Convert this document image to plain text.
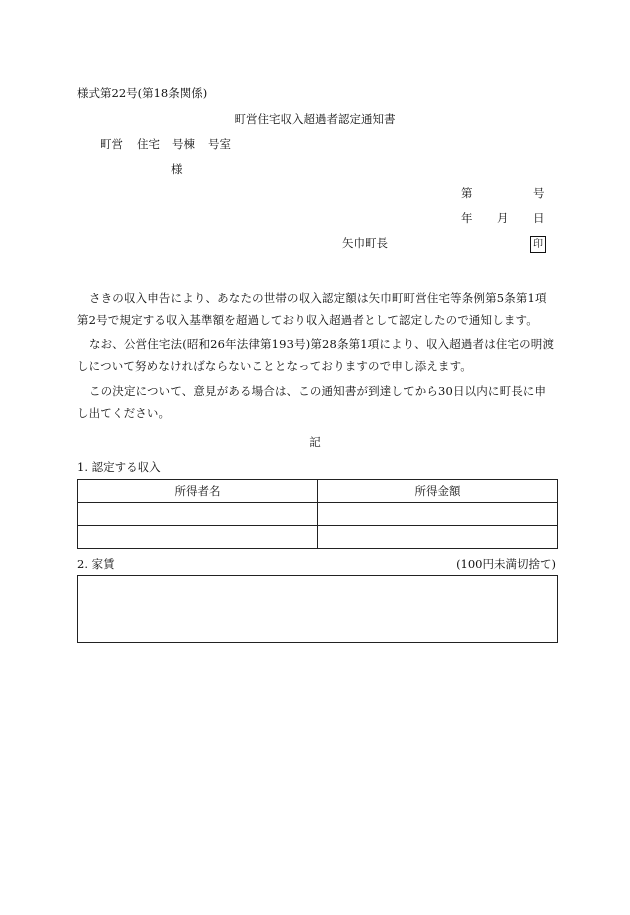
様式第22号(第18条関係)
町営住宅収入超過者認定通知書
町営 住宅 号棟 号室
様
第	号
年 月 日
矢巾町長	印
さきの収入申告により、あなたの世帯の収入認定額は矢巾町町営住宅等条例第5条第1項第2号で規定する収入基準額を超過しており収入超過者として認定したので通知します。
なお、公営住宅法(昭和26年法律第193号)第28条第1項により、収入超過者は住宅の明渡しについて努めなければならないこととなっておりますので申し添えます。
この決定について、意見がある場合は、この通知書が到達してから30日以内に町長に申し出てください。
記
1. 認定する収入
所得者名	所得金額

2. 家賃	(100円未満切捨て)
